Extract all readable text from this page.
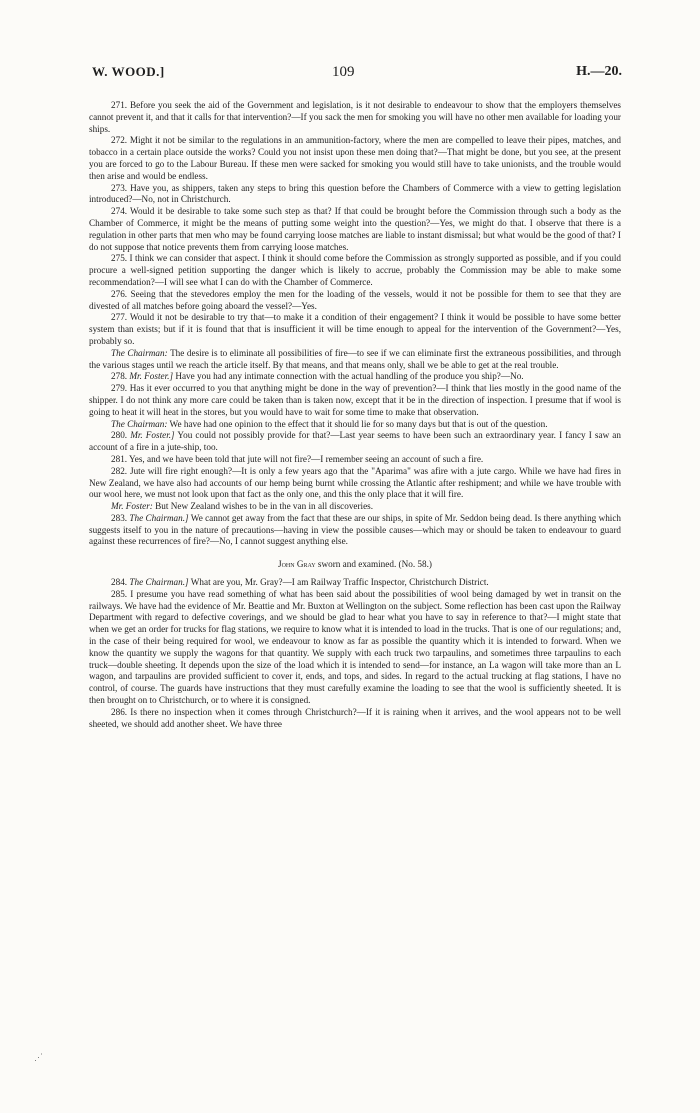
W. WOOD.]	109	H.—20.

271. Before you seek the aid of the Government and legislation, is it not desirable to endeavour to show that the employers themselves cannot prevent it, and that it calls for that intervention?—If you sack the men for smoking you will have no other men available for loading your ships.

272. Might it not be similar to the regulations in an ammunition-factory, where the men are compelled to leave their pipes, matches, and tobacco in a certain place outside the works? Could you not insist upon these men doing that?—That might be done, but you see, at the present you are forced to go to the Labour Bureau. If these men were sacked for smoking you would still have to take unionists, and the trouble would then arise and would be endless.

273. Have you, as shippers, taken any steps to bring this question before the Chambers of Commerce with a view to getting legislation introduced?—No, not in Christchurch.

274. Would it be desirable to take some such step as that? If that could be brought before the Commission through such a body as the Chamber of Commerce, it might be the means of putting some weight into the question?—Yes, we might do that. I observe that there is a regulation in other parts that men who may be found carrying loose matches are liable to instant dismissal; but what would be the good of that? I do not suppose that notice prevents them from carrying loose matches.

275. I think we can consider that aspect. I think it should come before the Commission as strongly supported as possible, and if you could procure a well-signed petition supporting the danger which is likely to accrue, probably the Commission may be able to make some recommendation?—I will see what I can do with the Chamber of Commerce.

276. Seeing that the stevedores employ the men for the loading of the vessels, would it not be possible for them to see that they are divested of all matches before going aboard the vessel?—Yes.

277. Would it not be desirable to try that—to make it a condition of their engagement? I think it would be possible to have some better system than exists; but if it is found that that is insufficient it will be time enough to appeal for the intervention of the Government?—Yes, probably so.

The Chairman: The desire is to eliminate all possibilities of fire—to see if we can eliminate first the extraneous possibilities, and through the various stages until we reach the article itself. By that means, and that means only, shall we be able to get at the real trouble.

278. Mr. Foster.] Have you had any intimate connection with the actual handling of the produce you ship?—No.

279. Has it ever occurred to you that anything might be done in the way of prevention?—I think that lies mostly in the good name of the shipper. I do not think any more care could be taken than is taken now, except that it be in the direction of inspection. I presume that if wool is going to heat it will heat in the stores, but you would have to wait for some time to make that observation.

The Chairman: We have had one opinion to the effect that it should lie for so many days but that is out of the question.

280. Mr. Foster.] You could not possibly provide for that?—Last year seems to have been such an extraordinary year. I fancy I saw an account of a fire in a jute-ship, too.

281. Yes, and we have been told that jute will not fire?—I remember seeing an account of such a fire.

282. Jute will fire right enough?—It is only a few years ago that the "Aparima" was afire with a jute cargo. While we have had fires in New Zealand, we have also had accounts of our hemp being burnt while crossing the Atlantic after reshipment; and while we have trouble with our wool here, we must not look upon that fact as the only one, and this the only place that it will fire.

Mr. Foster: But New Zealand wishes to be in the van in all discoveries.

283. The Chairman.] We cannot get away from the fact that these are our ships, in spite of Mr. Seddon being dead. Is there anything which suggests itself to you in the nature of precautions—having in view the possible causes—which may or should be taken to endeavour to guard against these recurrences of fire?—No, I cannot suggest anything else.

John Gray sworn and examined. (No. 58.)

284. The Chairman.] What are you, Mr. Gray?—I am Railway Traffic Inspector, Christchurch District.

285. I presume you have read something of what has been said about the possibilities of wool being damaged by wet in transit on the railways. We have had the evidence of Mr. Beattie and Mr. Buxton at Wellington on the subject. Some reflection has been cast upon the Railway Department with regard to defective coverings, and we should be glad to hear what you have to say in reference to that?—I might state that when we get an order for trucks for flag stations, we require to know what it is intended to load in the trucks. That is one of our regulations; and, in the case of their being required for wool, we endeavour to know as far as possible the quantity which it is intended to forward. When we know the quantity we supply the wagons for that quantity. We supply with each truck two tarpaulins, and sometimes three tarpaulins to each truck—double sheeting. It depends upon the size of the load which it is intended to send—for instance, an La wagon will take more than an L wagon, and tarpaulins are provided sufficient to cover it, ends, and tops, and sides. In regard to the actual trucking at flag stations, I have no control, of course. The guards have instructions that they must carefully examine the loading to see that the wool is sufficiently sheeted. It is then brought on to Christchurch, or to where it is consigned.

286. Is there no inspection when it comes through Christchurch?—If it is raining when it arrives, and the wool appears not to be well sheeted, we should add another sheet. We have three

⋰
